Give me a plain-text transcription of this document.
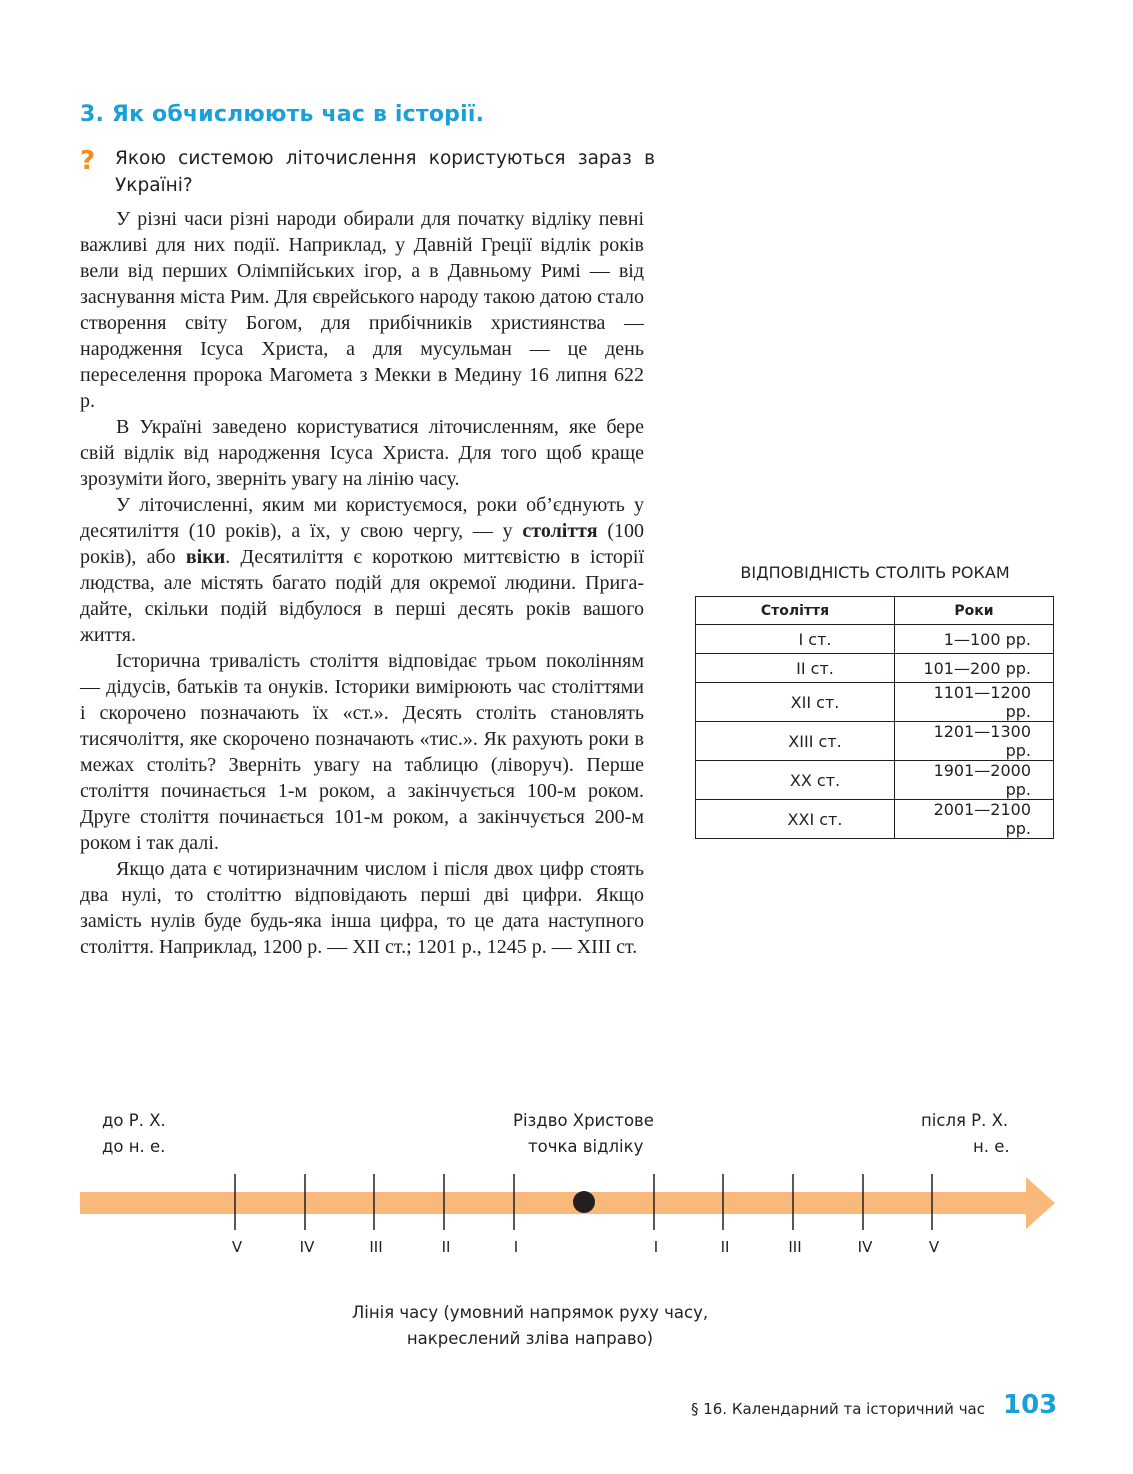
3. Як обчислюють час в історії.
? Якою системою літочислення користуються зараз в Україні?

У різні часи різні народи обирали для початку відліку певні важливі для них події. Наприклад, у Давній Греції відлік років вели від перших Олімпійських ігор, а в Давньому Римі — від заснування міста Рим. Для єврейського народу такою датою стало створення світу Богом, для прибічників християнства — народження Ісуса Христа, а для мусульман — це день переселення пророка Магомета з Мекки в Медину 16 липня 622 р.

В Україні заведено користуватися літочисленням, яке бере свій відлік від народження Ісуса Христа. Для того щоб краще зрозуміти його, зверніть увагу на лінію часу.

У літочисленні, яким ми користуємося, роки об’єднують у десятиліття (10 років), а їх, у свою чергу, — у століття (100 років), або віки. Десятиліття є короткою миттєвістю в історії людства, але містять багато подій для окремої людини. Пригадайте, скільки подій відбулося в перші десять років вашого життя.

Історична тривалість століття відповідає трьом поколінням — дідусів, батьків та онуків. Історики вимірюють час століттями і скорочено позначають їх «ст.». Десять століть становлять тисячоліття, яке скорочено позначають «тис.». Як рахують роки в межах століть? Зверніть увагу на таблицю (ліворуч). Перше століття починається 1-м роком, а закінчується 100-м роком. Друге століття починається 101-м роком, а закінчується 200-м роком і так далі.

Якщо дата є чотиризначним числом і після двох цифр стоять два нулі, то століттю відповідають перші дві цифри. Якщо замість нулів буде будь-яка інша цифра, то це дата наступного століття. Наприклад, 1200 р. — XII ст.; 1201 р., 1245 р. — XIII ст.

ВІДПОВІДНІСТЬ СТОЛІТЬ РОКАМ
Століття	Роки
I ст.	1—100 рр.
II ст.	101—200 рр.
XII ст.	1101—1200 рр.
XIII ст.	1201—1300 рр.
XX ст.	1901—2000 рр.
XXI ст.	2001—2100 рр.
до Р. Х.
до н. е.
Різдво Христове
точка відліку
після Р. Х.
н. е.
V	IV	III	II	I	I	II	III	IV	V
Лінія часу (умовний напрямок руху часу,
накреслений зліва направо)
§ 16. Календарний та історичний час 103
